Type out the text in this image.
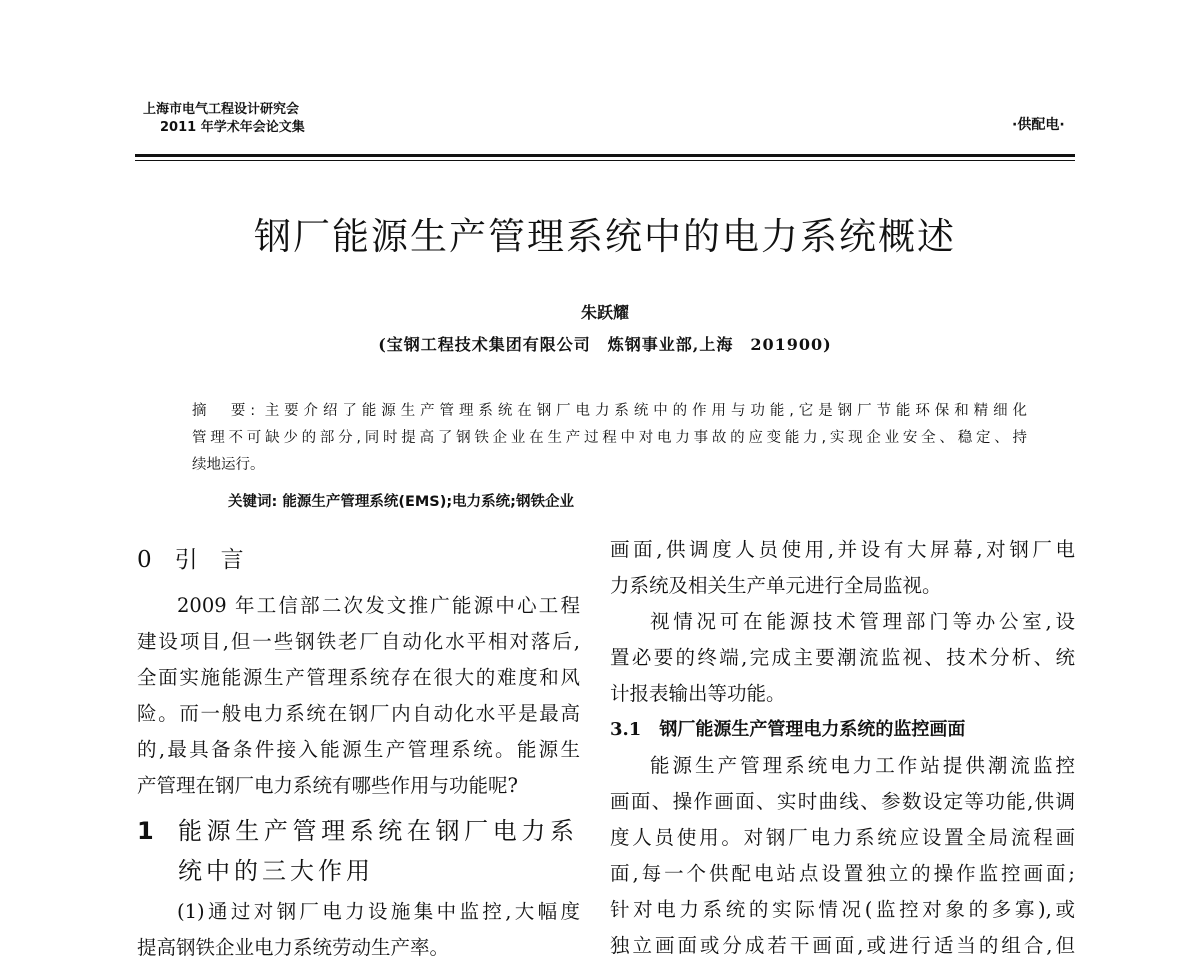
上海市电气工程设计研究会
2011 年学术年会论文集	·供配电·
钢厂能源生产管理系统中的电力系统概述
朱跃耀
(宝钢工程技术集团有限公司　炼钢事业部,上海　201900)
摘　要: 主要介绍了能源生产管理系统在钢厂电力系统中的作用与功能,它是钢厂节能环保和精细化
管理不可缺少的部分,同时提高了钢铁企业在生产过程中对电力事故的应变能力,实现企业安全、稳定、持
续地运行。
关键词: 能源生产管理系统(EMS);电力系统;钢铁企业
0　引　言
2009 年工信部二次发文推广能源中心工程
建设项目,但一些钢铁老厂自动化水平相对落后,
全面实施能源生产管理系统存在很大的难度和风
险。而一般电力系统在钢厂内自动化水平是最高
的,最具备条件接入能源生产管理系统。能源生
产管理在钢厂电力系统有哪些作用与功能呢?
1 能源生产管理系统在钢厂电力系
统中的三大作用
(1)通过对钢厂电力设施集中监控,大幅度
提高钢铁企业电力系统劳动生产率。
画面,供调度人员使用,并设有大屏幕,对钢厂电
力系统及相关生产单元进行全局监视。
视情况可在能源技术管理部门等办公室,设
置必要的终端,完成主要潮流监视、技术分析、统
计报表输出等功能。
3.1　钢厂能源生产管理电力系统的监控画面
能源生产管理系统电力工作站提供潮流监控
画面、操作画面、实时曲线、参数设定等功能,供调
度人员使用。对钢厂电力系统应设置全局流程画
面,每一个供配电站点设置独立的操作监控画面;
针对电力系统的实际情况(监控对象的多寡),或
独立画面或分成若干画面,或进行适当的组合,但
